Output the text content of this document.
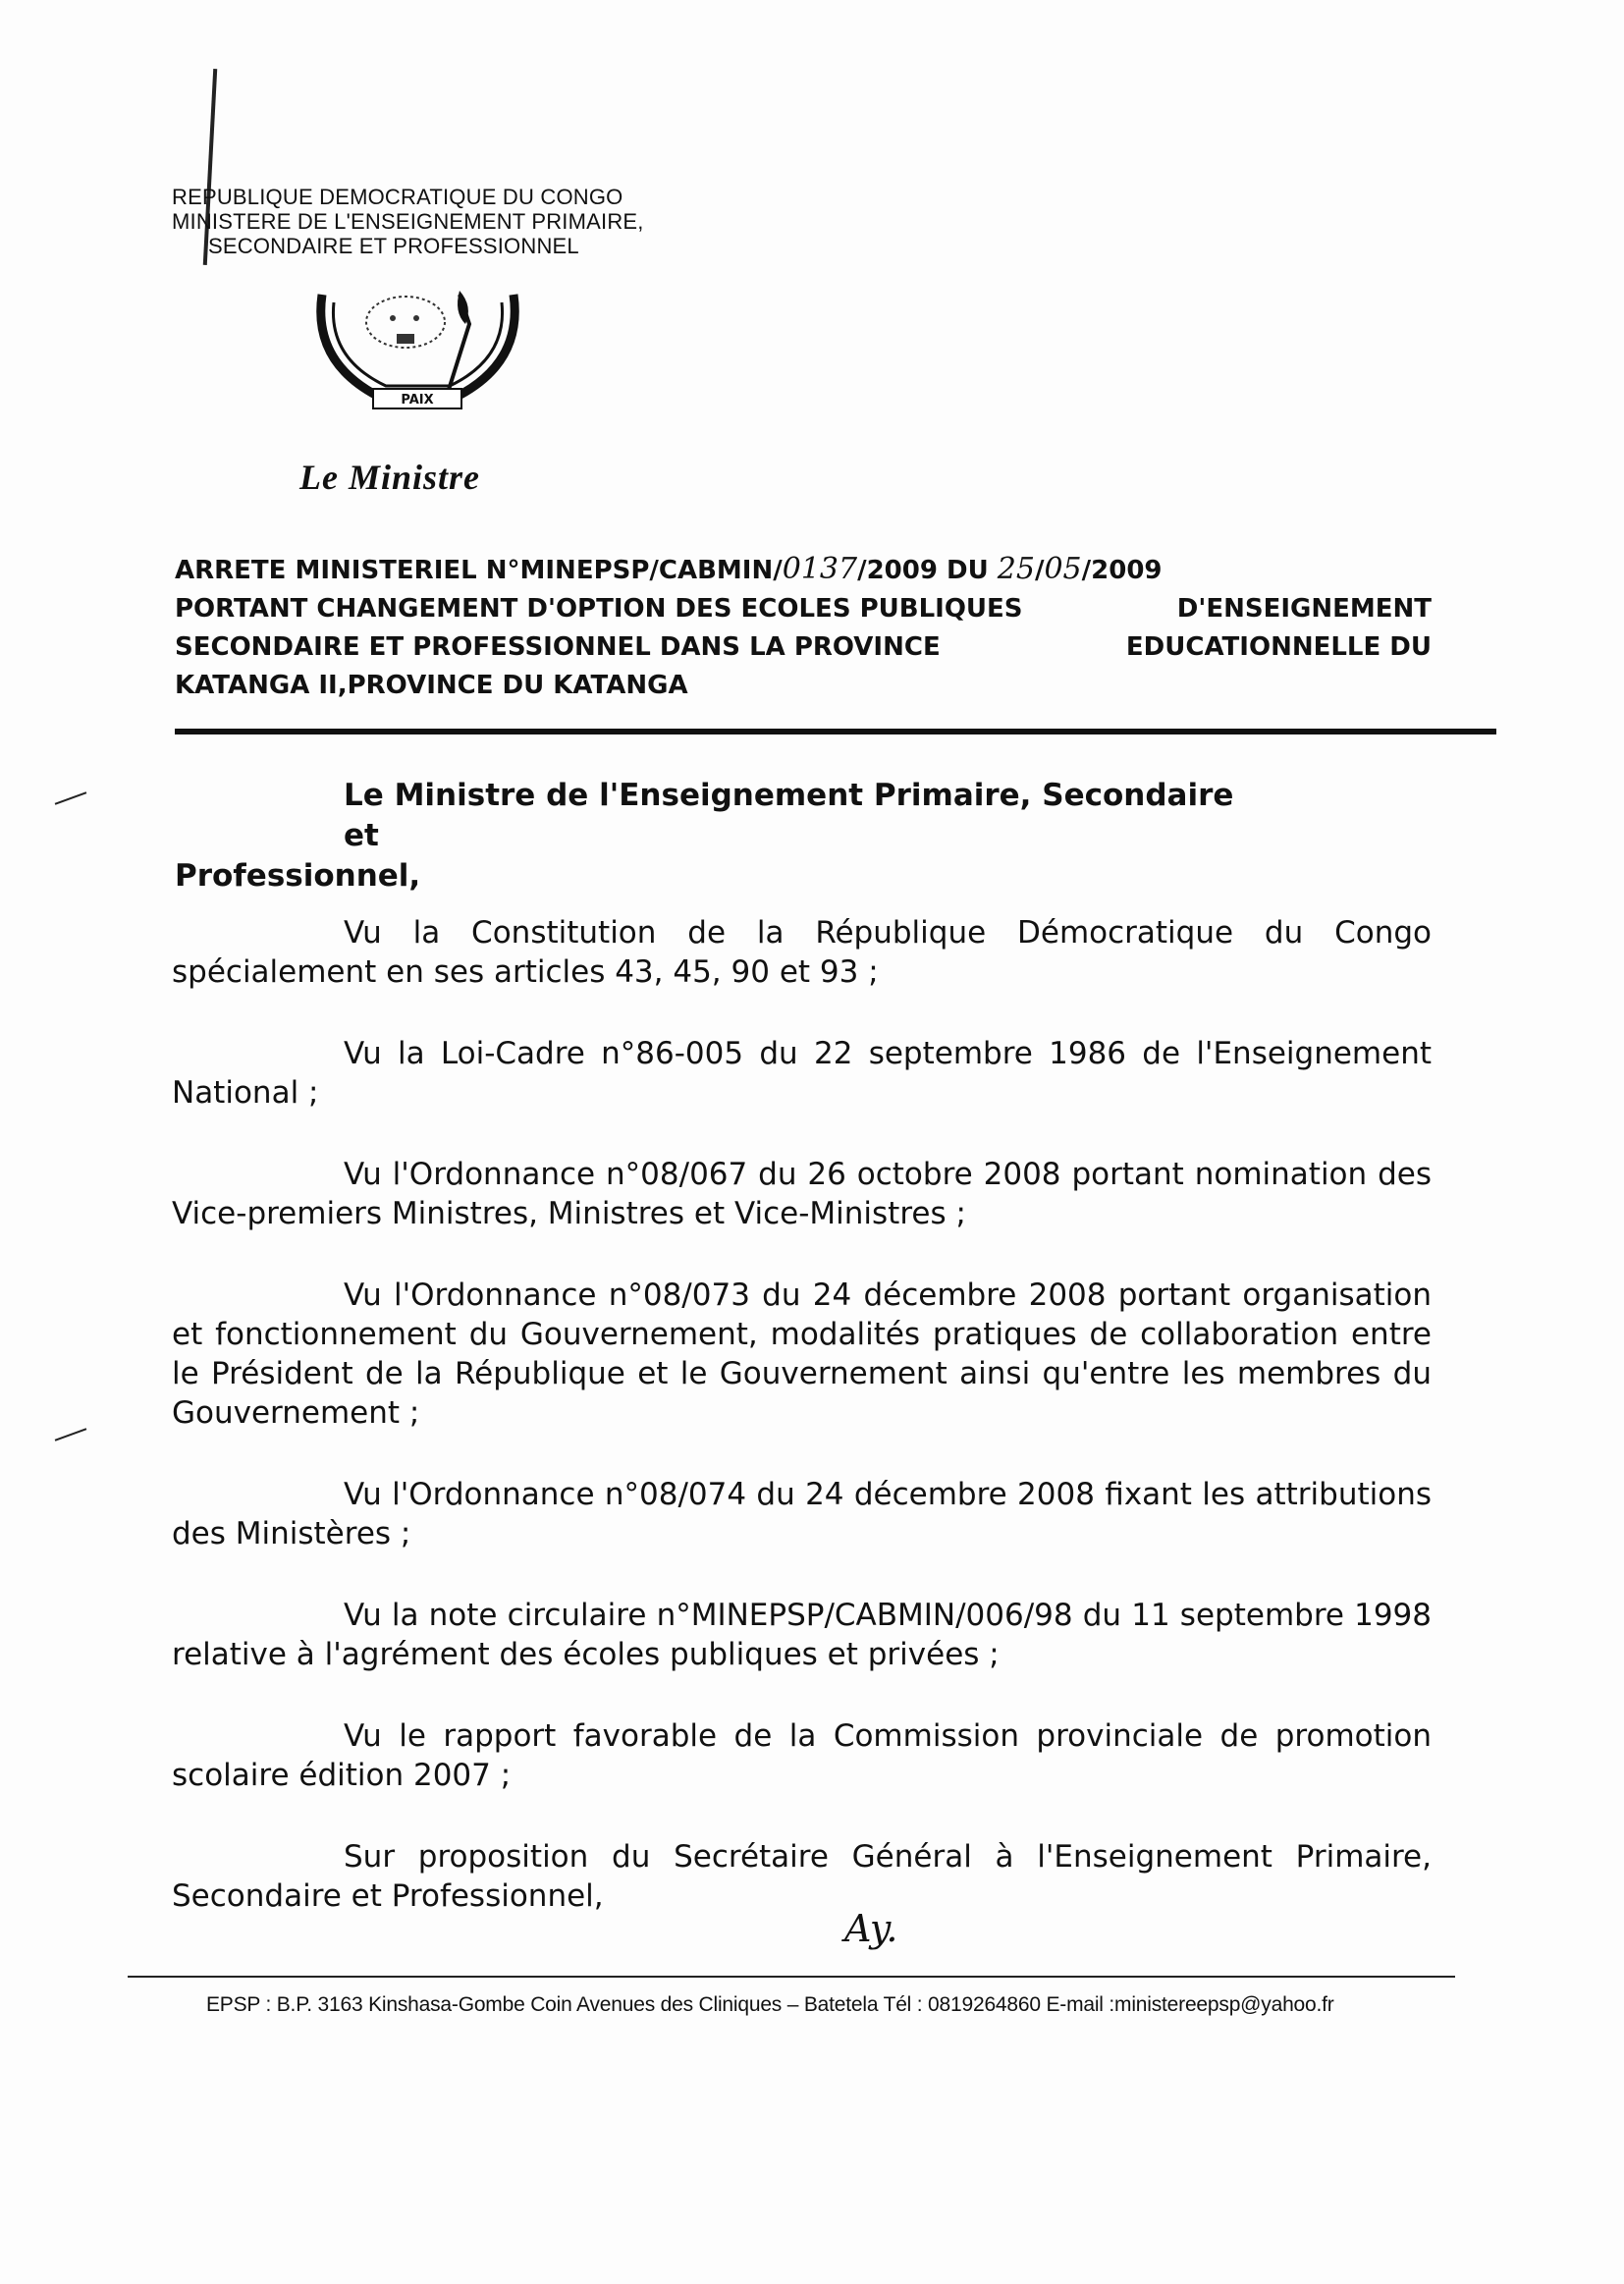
REPUBLIQUE DEMOCRATIQUE DU CONGO
MINISTERE DE L'ENSEIGNEMENT PRIMAIRE,
SECONDAIRE ET PROFESSIONNEL
PAIX
Le Ministre
ARRETE MINISTERIEL N°MINEPSP/CABMIN/0137/2009 DU 25/05/2009
PORTANT CHANGEMENT D'OPTION DES ECOLES PUBLIQUES	D'ENSEIGNEMENT
SECONDAIRE ET PROFESSIONNEL DANS LA PROVINCE	EDUCATIONNELLE DU
KATANGA II,PROVINCE DU KATANGA
Le Ministre de l'Enseignement Primaire, Secondaire et
Professionnel,

Vu la Constitution de la République Démocratique du Congo spécialement en ses articles 43, 45, 90 et 93 ;

Vu la Loi-Cadre n°86-005 du 22 septembre 1986 de l'Enseignement National ;

Vu l'Ordonnance n°08/067 du 26 octobre 2008 portant nomination des Vice-premiers Ministres, Ministres et Vice-Ministres ;

Vu l'Ordonnance n°08/073 du 24 décembre 2008 portant organisation et fonctionnement du Gouvernement, modalités pratiques de collaboration entre le Président de la République et le Gouvernement ainsi qu'entre les membres du Gouvernement ;

Vu l'Ordonnance n°08/074 du 24 décembre 2008 fixant les attributions des Ministères ;

Vu la note circulaire n°MINEPSP/CABMIN/006/98 du 11 septembre 1998 relative à l'agrément des écoles publiques et privées ;

Vu le rapport favorable de la Commission provinciale de promotion scolaire édition 2007 ;

Sur proposition du Secrétaire Général à l'Enseignement Primaire, Secondaire et Professionnel,

Ay.
EPSP : B.P. 3163 Kinshasa-Gombe Coin Avenues des Cliniques – Batetela Tél : 0819264860 E-mail :ministereepsp@yahoo.fr
